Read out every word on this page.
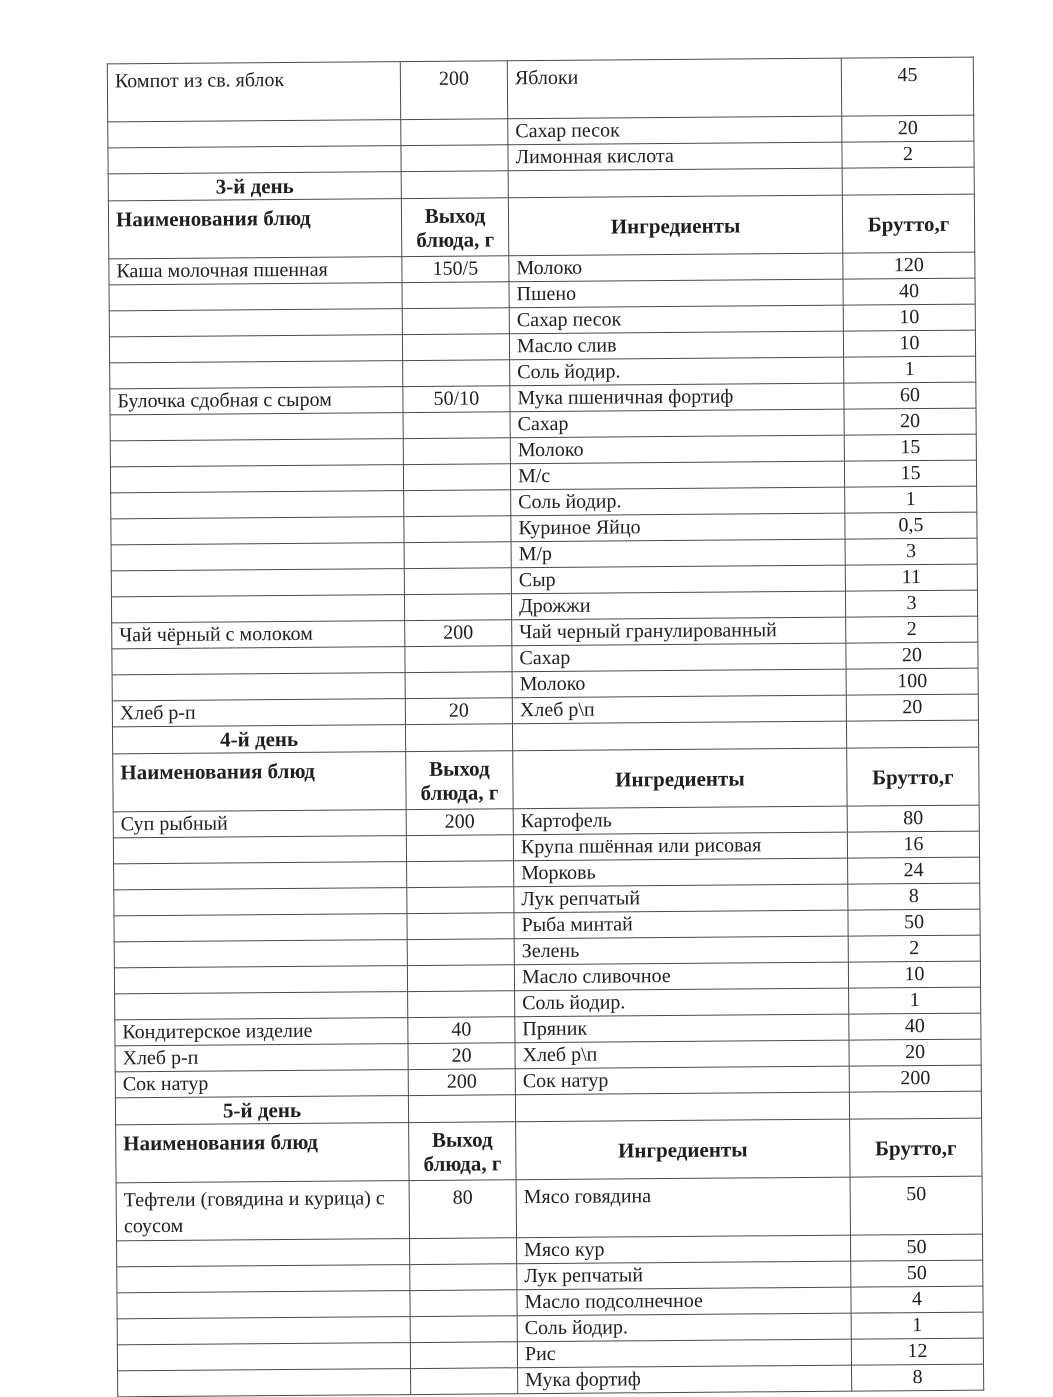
Компот из св. яблок	200	Яблоки	45
		Сахар песок	20
		Лимонная кислота	2
3-й день			
Наименования блюд	Выход блюда, г	Ингредиенты	Брутто,г
Каша молочная пшенная	150/5	Молоко	120
		Пшено	40
		Сахар песок	10
		Масло слив	10
		Соль йодир.	1
Булочка сдобная с сыром	50/10	Мука пшеничная фортиф	60
		Сахар	20
		Молоко	15
		М/с	15
		Соль йодир.	1
		Куриное Яйцо	0,5
		М/р	3
		Сыр	11
		Дрожжи	3
Чай чёрный с молоком	200	Чай черный гранулированный	2
		Сахар	20
		Молоко	100
Хлеб р-п	20	Хлеб р\п	20
4-й день			
Наименования блюд	Выход блюда, г	Ингредиенты	Брутто,г
Суп рыбный	200	Картофель	80
		Крупа пшённая или рисовая	16
		Морковь	24
		Лук репчатый	8
		Рыба минтай	50
		Зелень	2
		Масло сливочное	10
		Соль йодир.	1
Кондитерское изделие	40	Пряник	40
Хлеб р-п	20	Хлеб р\п	20
Сок натур	200	Сок натур	200
5-й день			
Наименования блюд	Выход блюда, г	Ингредиенты	Брутто,г
Тефтели (говядина и курица) с соусом	80	Мясо говядина	50
		Мясо кур	50
		Лук репчатый	50
		Масло подсолнечное	4
		Соль йодир.	1
		Рис	12
		Мука фортиф	8
